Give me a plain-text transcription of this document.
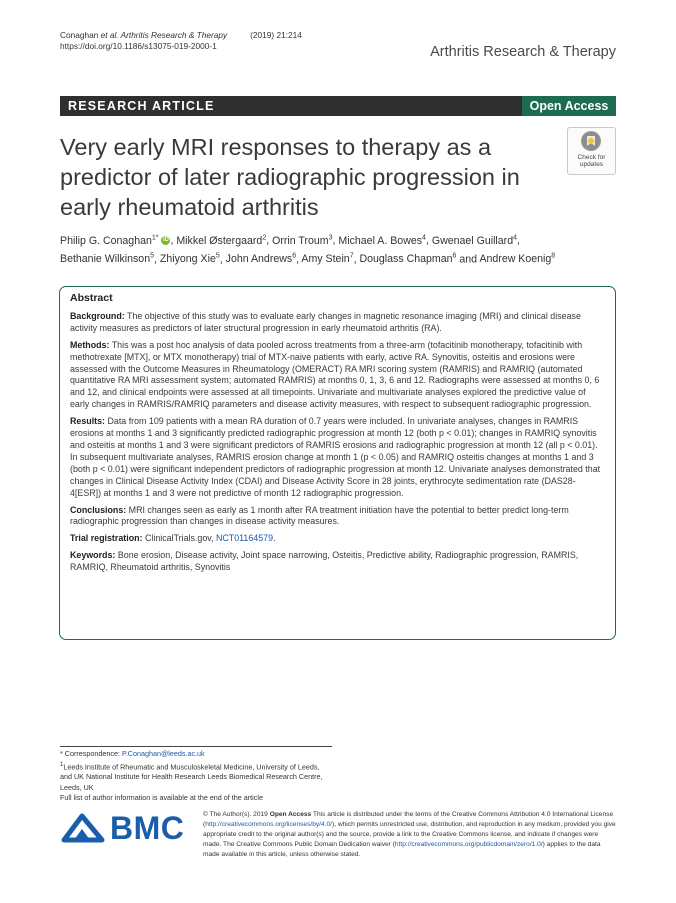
Conaghan et al. Arthritis Research & Therapy	(2019) 21:214
https://doi.org/10.1186/s13075-019-2000-1	Arthritis Research & Therapy
RESEARCH ARTICLE	Open Access
Very early MRI responses to therapy as a predictor of later radiographic progression in early rheumatoid arthritis
Check for updates
Philip G. Conaghan$^{1*}$ iD , Mikkel Østergaard$^2$, Orrin Troum$^3$, Michael A. Bowes$^4$, Gwenael Guillard$^4$,
Bethanie Wilkinson$^5$, Zhiyong Xie$^5$, John Andrews$^6$, Amy Stein$^7$, Douglass Chapman$^6$ and Andrew Koenig$^8$
Abstract

Background: The objective of this study was to evaluate early changes in magnetic resonance imaging (MRI) and clinical disease activity measures as predictors of later structural progression in early rheumatoid arthritis (RA).

Methods: This was a post hoc analysis of data pooled across treatments from a three-arm (tofacitinib monotherapy, tofacitinib with methotrexate [MTX], or MTX monotherapy) trial of MTX-naive patients with early, active RA. Synovitis, osteitis and erosions were assessed with the Outcome Measures in Rheumatology (OMERACT) RA MRI scoring system (RAMRIS) and RAMRIQ (automated quantitative RA MRI assessment system; automated RAMRIS) at months 0, 1, 3, 6 and 12. Radiographs were assessed at months 0, 6 and 12, and clinical endpoints were assessed at all timepoints. Univariate and multivariate analyses explored the predictive value of early changes in RAMRIS/RAMRIQ parameters and disease activity measures, with respect to subsequent radiographic progression.

Results: Data from 109 patients with a mean RA duration of 0.7 years were included. In univariate analyses, changes in RAMRIS erosions at months 1 and 3 significantly predicted radiographic progression at month 12 (both p < 0.01); changes in RAMRIQ synovitis and osteitis at months 1 and 3 were significant predictors of RAMRIS erosions and radiographic progression at month 12 (all p < 0.01). In subsequent multivariate analyses, RAMRIS erosion change at month 1 (p < 0.05) and RAMRIQ osteitis changes at months 1 and 3 (both p < 0.01) were significant independent predictors of radiographic progression at month 12. Univariate analyses demonstrated that changes in Clinical Disease Activity Index (CDAI) and Disease Activity Score in 28 joints, erythrocyte sedimentation rate (DAS28-4[ESR]) at months 1 and 3 were not predictive of month 12 radiographic progression.

Conclusions: MRI changes seen as early as 1 month after RA treatment initiation have the potential to better predict long-term radiographic progression than changes in disease activity measures.

Trial registration: ClinicalTrials.gov, NCT01164579.

Keywords: Bone erosion, Disease activity, Joint space narrowing, Osteitis, Predictive ability, Radiographic progression, RAMRIS, RAMRIQ, Rheumatoid arthritis, Synovitis

* Correspondence: P.Conaghan@leeds.ac.uk
$^1$Leeds Institute of Rheumatic and Musculoskeletal Medicine, University of Leeds, and UK National Institute for Health Research Leeds Biomedical Research Centre, Leeds, UK
Full list of author information is available at the end of the article
BMC	© The Author(s). 2019 Open Access This article is distributed under the terms of the Creative Commons Attribution 4.0 International License (http://creativecommons.org/licenses/by/4.0/), which permits unrestricted use, distribution, and reproduction in any medium, provided you give appropriate credit to the original author(s) and the source, provide a link to the Creative Commons license, and indicate if changes were made. The Creative Commons Public Domain Dedication waiver (http://creativecommons.org/publicdomain/zero/1.0/) applies to the data made available in this article, unless otherwise stated.
